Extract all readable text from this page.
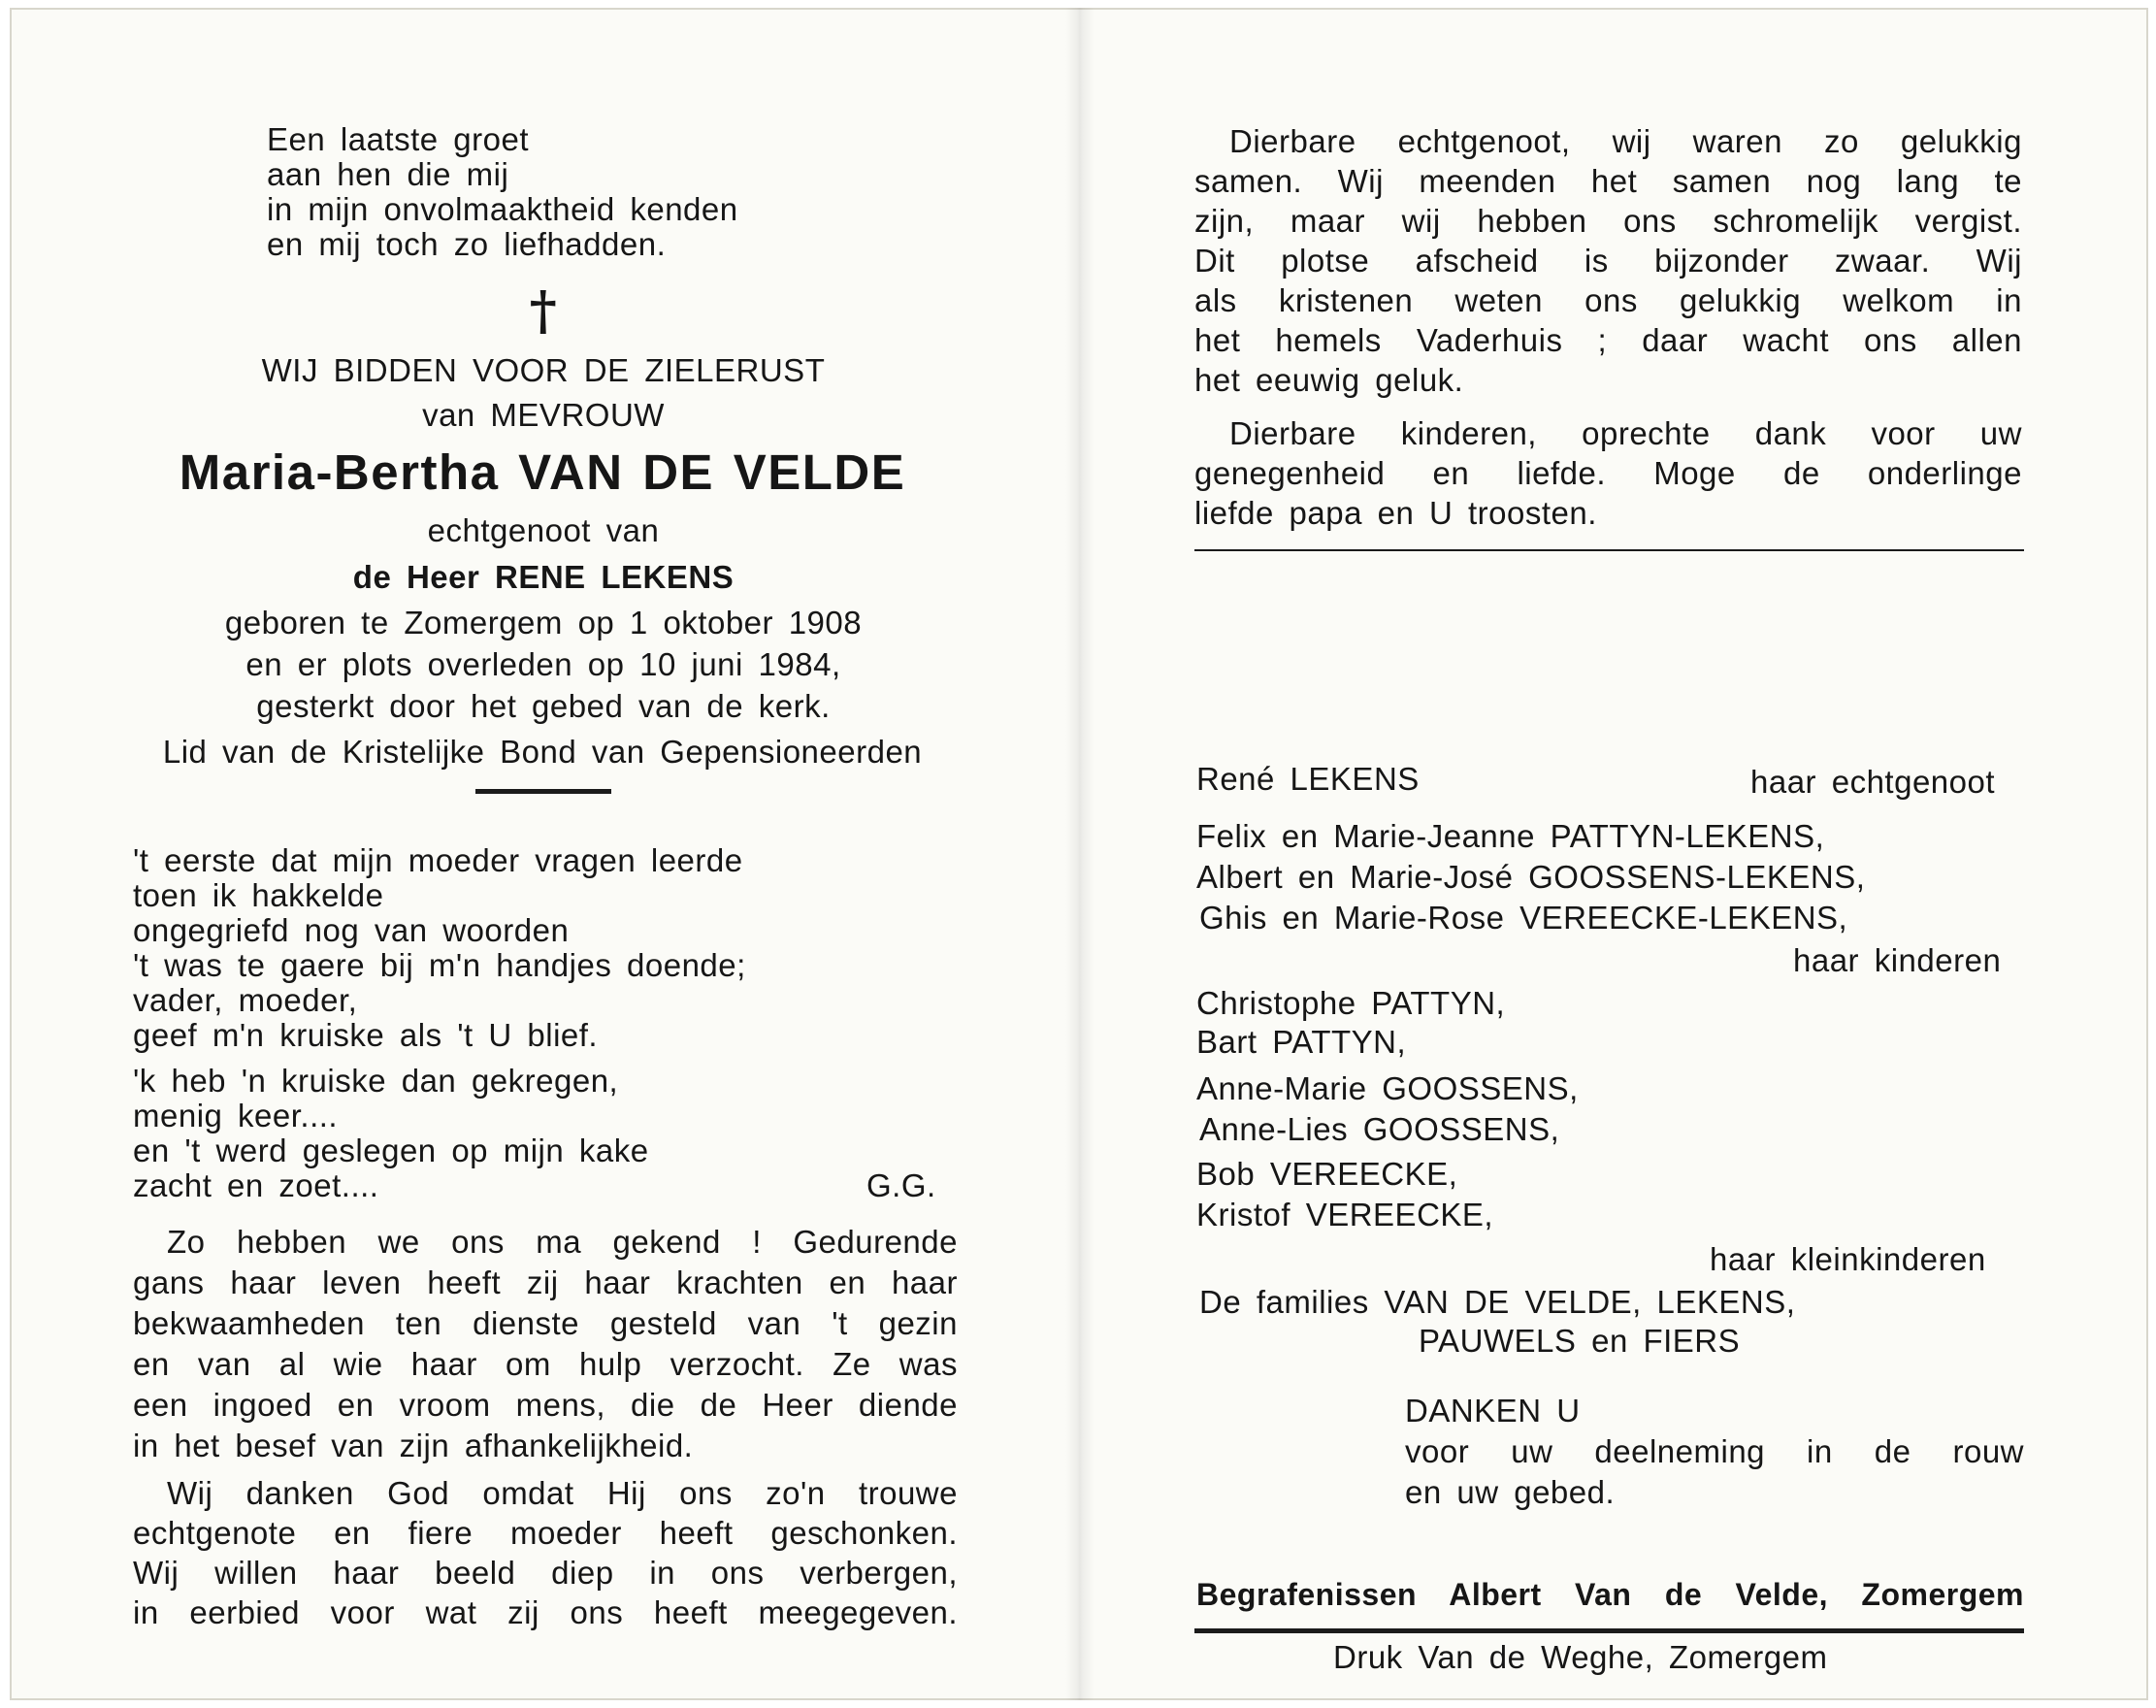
Een laatste groet
aan hen die mij
in mijn onvolmaaktheid kenden
en mij toch zo liefhadden.
†
WIJ BIDDEN VOOR DE ZIELERUST
van MEVROUW
Maria-Bertha VAN DE VELDE
echtgenoot van
de Heer RENE LEKENS
geboren te Zomergem op 1 oktober 1908
en er plots overleden op 10 juni 1984,
gesterkt door het gebed van de kerk.
Lid van de Kristelijke Bond van Gepensioneerden
't eerste dat mijn moeder vragen leerde
toen ik hakkelde
ongegriefd nog van woorden
't was te gaere bij m'n handjes doende;
vader, moeder,
geef m'n kruiske als 't U blief.
'k heb 'n kruiske dan gekregen,
menig keer....
en 't werd geslegen op mijn kake
zacht en zoet....	G.G.
Zo hebben we ons ma gekend ! Gedurende
gans haar leven heeft zij haar krachten en haar
bekwaamheden ten dienste gesteld van 't gezin
en van al wie haar om hulp verzocht. Ze was
een ingoed en vroom mens, die de Heer diende
in het besef van zijn afhankelijkheid.
Wij danken God omdat Hij ons zo'n trouwe
echtgenote en fiere moeder heeft geschonken.
Wij willen haar beeld diep in ons verbergen,
in eerbied voor wat zij ons heeft meegegeven.
Dierbare echtgenoot, wij waren zo gelukkig
samen. Wij meenden het samen nog lang te
zijn, maar wij hebben ons schromelijk vergist.
Dit plotse afscheid is bijzonder zwaar. Wij
als kristenen weten ons gelukkig welkom in
het hemels Vaderhuis ; daar wacht ons allen
het eeuwig geluk.
Dierbare kinderen, oprechte dank voor uw
genegenheid en liefde. Moge de onderlinge
liefde papa en U troosten.
René LEKENS	haar echtgenoot
Felix en Marie-Jeanne PATTYN-LEKENS,
Albert en Marie-José GOOSSENS-LEKENS,
Ghis en Marie-Rose VEREECKE-LEKENS,
haar kinderen
Christophe PATTYN,
Bart PATTYN,
Anne-Marie GOOSSENS,
Anne-Lies GOOSSENS,
Bob VEREECKE,
Kristof VEREECKE,
haar kleinkinderen
De families VAN DE VELDE, LEKENS,
PAUWELS en FIERS
DANKEN U
voor uw deelneming in de rouw
en uw gebed.
Begrafenissen Albert Van de Velde, Zomergem
Druk Van de Weghe, Zomergem
